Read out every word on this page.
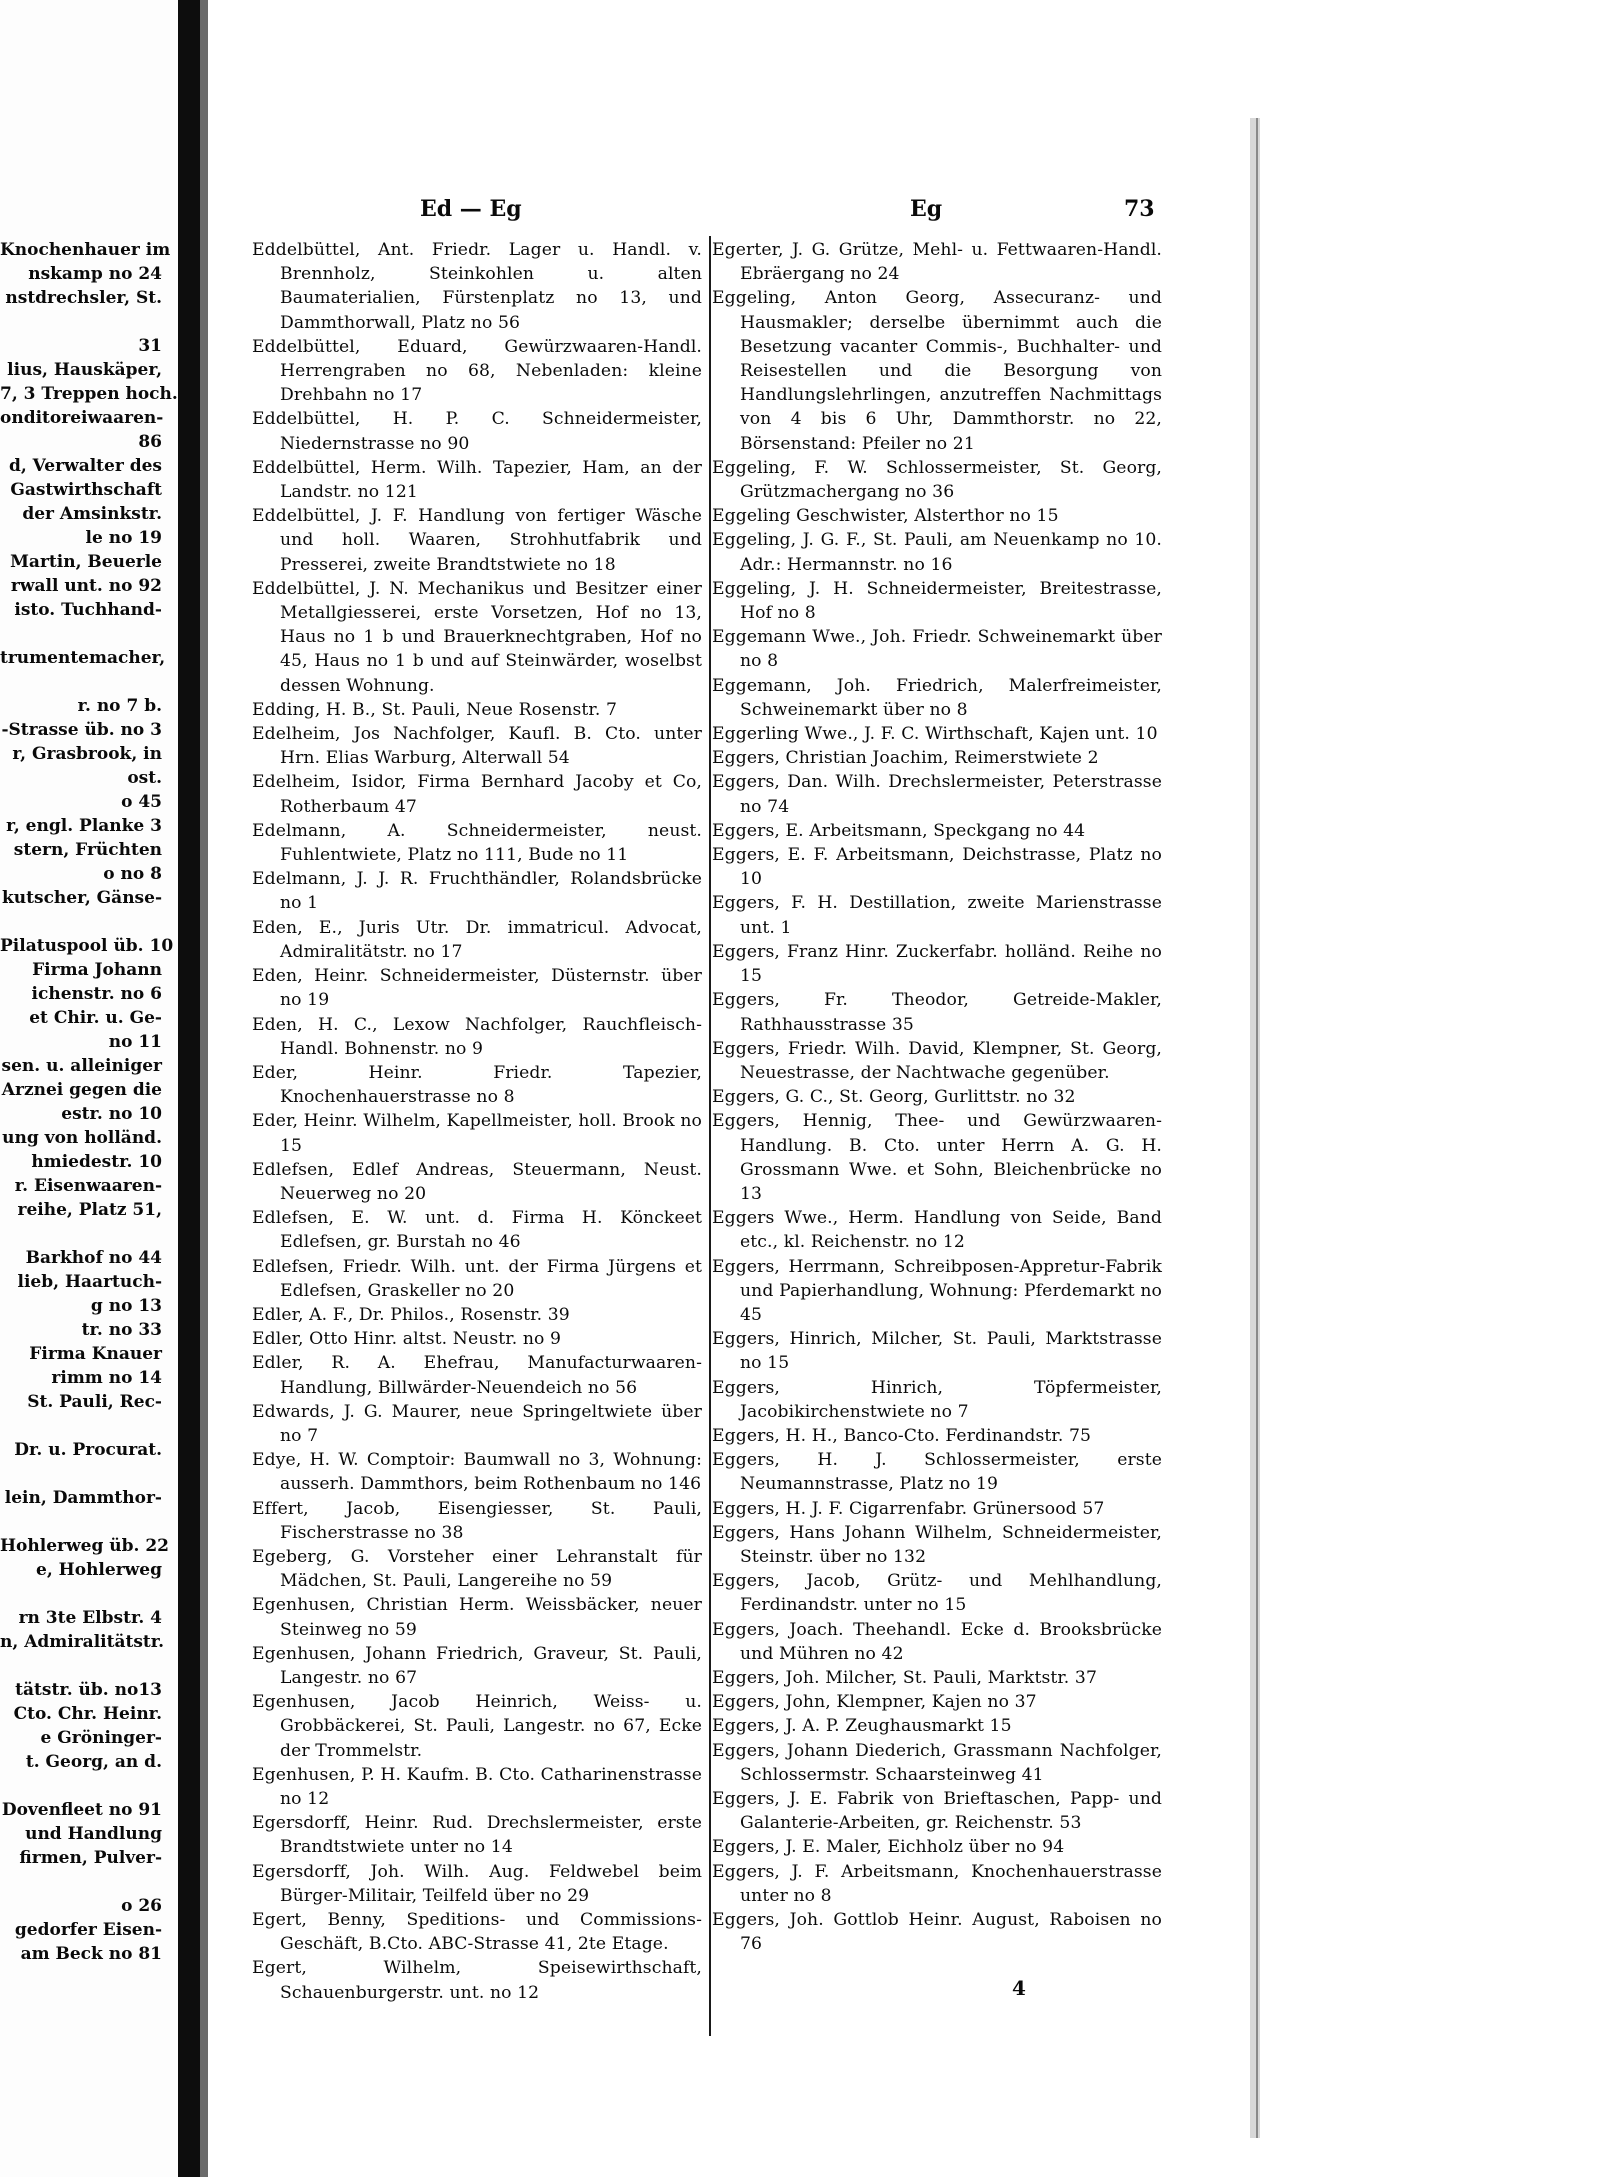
Knochenhauer im
nskamp no 24
nstdrechsler, St.
31
lius, Hauskäper,
7, 3 Treppen hoch.
onditoreiwaaren-
86
d, Verwalter des
Gastwirthschaft
der Amsinkstr.
le no 19
Martin, Beuerle
rwall unt. no 92
isto. Tuchhand-
trumentemacher,
r. no 7 b.
-Strasse üb. no 3
r, Grasbrook, in
ost.
o 45
r, engl. Planke 3
stern, Früchten
o no 8
kutscher, Gänse-
Pilatuspool üb. 10
Firma Johann
ichenstr. no 6
et Chir. u. Ge-
no 11
sen. u. alleiniger
Arznei gegen die
estr. no 10
ung von holländ.
hmiedestr. 10
r. Eisenwaaren-
reihe, Platz 51,
Barkhof no 44
lieb, Haartuch-
g no 13
tr. no 33
Firma Knauer
rimm no 14
St. Pauli, Rec-
Dr. u. Procurat.
lein, Dammthor-
Hohlerweg üb. 22
e, Hohlerweg
rn 3te Elbstr. 4
n, Admiralitätstr.
tätstr. üb. no13
Cto. Chr. Heinr.
e Gröninger-
t. Georg, an d.
Dovenfleet no 91
und Handlung
firmen, Pulver-
o 26
gedorfer Eisen-
am Beck no 81
Ed — Eg	Eg	73
Eddelbüttel, Ant. Friedr. Lager u. Handl. v. Brennholz, Steinkohlen u. alten Baumaterialien, Fürstenplatz no 13, und Dammthorwall, Platz no 56
Eddelbüttel, Eduard, Gewürzwaaren-Handl. Herrengraben no 68, Nebenladen: kleine Drehbahn no 17
Eddelbüttel, H. P. C. Schneidermeister, Niedernstrasse no 90
Eddelbüttel, Herm. Wilh. Tapezier, Ham, an der Landstr. no 121
Eddelbüttel, J. F. Handlung von fertiger Wäsche und holl. Waaren, Strohhutfabrik und Presserei, zweite Brandtstwiete no 18
Eddelbüttel, J. N. Mechanikus und Besitzer einer Metallgiesserei, erste Vorsetzen, Hof no 13, Haus no 1 b und Brauerknechtgraben, Hof no 45, Haus no 1 b und auf Steinwärder, woselbst dessen Wohnung.
Edding, H. B., St. Pauli, Neue Rosenstr. 7
Edelheim, Jos Nachfolger, Kaufl. B. Cto. unter Hrn. Elias Warburg, Alterwall 54
Edelheim, Isidor, Firma Bernhard Jacoby et Co, Rotherbaum 47
Edelmann, A. Schneidermeister, neust. Fuhlentwiete, Platz no 111, Bude no 11
Edelmann, J. J. R. Fruchthändler, Rolandsbrücke no 1
Eden, E., Juris Utr. Dr. immatricul. Advocat, Admiralitätstr. no 17
Eden, Heinr. Schneidermeister, Düsternstr. über no 19
Eden, H. C., Lexow Nachfolger, Rauchfleisch-Handl. Bohnenstr. no 9
Eder, Heinr. Friedr. Tapezier, Knochenhauerstrasse no 8
Eder, Heinr. Wilhelm, Kapellmeister, holl. Brook no 15
Edlefsen, Edlef Andreas, Steuermann, Neust. Neuerweg no 20
Edlefsen, E. W. unt. d. Firma H. Könckeet Edlefsen, gr. Burstah no 46
Edlefsen, Friedr. Wilh. unt. der Firma Jürgens et Edlefsen, Graskeller no 20
Edler, A. F., Dr. Philos., Rosenstr. 39
Edler, Otto Hinr. altst. Neustr. no 9
Edler, R. A. Ehefrau, Manufacturwaaren-Handlung, Billwärder-Neuendeich no 56
Edwards, J. G. Maurer, neue Springeltwiete über no 7
Edye, H. W. Comptoir: Baumwall no 3, Wohnung: ausserh. Dammthors, beim Rothenbaum no 146
Effert, Jacob, Eisengiesser, St. Pauli, Fischerstrasse no 38
Egeberg, G. Vorsteher einer Lehranstalt für Mädchen, St. Pauli, Langereihe no 59
Egenhusen, Christian Herm. Weissbäcker, neuer Steinweg no 59
Egenhusen, Johann Friedrich, Graveur, St. Pauli, Langestr. no 67
Egenhusen, Jacob Heinrich, Weiss- u. Grobbäckerei, St. Pauli, Langestr. no 67, Ecke der Trommelstr.
Egenhusen, P. H. Kaufm. B. Cto. Catharinenstrasse no 12
Egersdorff, Heinr. Rud. Drechslermeister, erste Brandtstwiete unter no 14
Egersdorff, Joh. Wilh. Aug. Feldwebel beim Bürger-Militair, Teilfeld über no 29
Egert, Benny, Speditions- und Commissions-Geschäft, B.Cto. ABC-Strasse 41, 2te Etage.
Egert, Wilhelm, Speisewirthschaft, Schauenburgerstr. unt. no 12
Egerter, J. G. Grütze, Mehl- u. Fettwaaren-Handl. Ebräergang no 24
Eggeling, Anton Georg, Assecuranz- und Hausmakler; derselbe übernimmt auch die Besetzung vacanter Commis-, Buchhalter- und Reisestellen und die Besorgung von Handlungslehrlingen, anzutreffen Nachmittags von 4 bis 6 Uhr, Dammthorstr. no 22, Börsenstand: Pfeiler no 21
Eggeling, F. W. Schlossermeister, St. Georg, Grützmachergang no 36
Eggeling Geschwister, Alsterthor no 15
Eggeling, J. G. F., St. Pauli, am Neuenkamp no 10. Adr.: Hermannstr. no 16
Eggeling, J. H. Schneidermeister, Breitestrasse, Hof no 8
Eggemann Wwe., Joh. Friedr. Schweinemarkt über no 8
Eggemann, Joh. Friedrich, Malerfreimeister, Schweinemarkt über no 8
Eggerling Wwe., J. F. C. Wirthschaft, Kajen unt. 10
Eggers, Christian Joachim, Reimerstwiete 2
Eggers, Dan. Wilh. Drechslermeister, Peterstrasse no 74
Eggers, E. Arbeitsmann, Speckgang no 44
Eggers, E. F. Arbeitsmann, Deichstrasse, Platz no 10
Eggers, F. H. Destillation, zweite Marienstrasse unt. 1
Eggers, Franz Hinr. Zuckerfabr. holländ. Reihe no 15
Eggers, Fr. Theodor, Getreide-Makler, Rathhausstrasse 35
Eggers, Friedr. Wilh. David, Klempner, St. Georg, Neuestrasse, der Nachtwache gegenüber.
Eggers, G. C., St. Georg, Gurlittstr. no 32
Eggers, Hennig, Thee- und Gewürzwaaren-Handlung. B. Cto. unter Herrn A. G. H. Grossmann Wwe. et Sohn, Bleichenbrücke no 13
Eggers Wwe., Herm. Handlung von Seide, Band etc., kl. Reichenstr. no 12
Eggers, Herrmann, Schreibposen-Appretur-Fabrik und Papierhandlung, Wohnung: Pferdemarkt no 45
Eggers, Hinrich, Milcher, St. Pauli, Marktstrasse no 15
Eggers, Hinrich, Töpfermeister, Jacobikirchenstwiete no 7
Eggers, H. H., Banco-Cto. Ferdinandstr. 75
Eggers, H. J. Schlossermeister, erste Neumannstrasse, Platz no 19
Eggers, H. J. F. Cigarrenfabr. Grünersood 57
Eggers, Hans Johann Wilhelm, Schneidermeister, Steinstr. über no 132
Eggers, Jacob, Grütz- und Mehlhandlung, Ferdinandstr. unter no 15
Eggers, Joach. Theehandl. Ecke d. Brooksbrücke und Mühren no 42
Eggers, Joh. Milcher, St. Pauli, Marktstr. 37
Eggers, John, Klempner, Kajen no 37
Eggers, J. A. P. Zeughausmarkt 15
Eggers, Johann Diederich, Grassmann Nachfolger, Schlossermstr. Schaarsteinweg 41
Eggers, J. E. Fabrik von Brieftaschen, Papp- und Galanterie-Arbeiten, gr. Reichenstr. 53
Eggers, J. E. Maler, Eichholz über no 94
Eggers, J. F. Arbeitsmann, Knochenhauerstrasse unter no 8
Eggers, Joh. Gottlob Heinr. August, Raboisen no 76
4
